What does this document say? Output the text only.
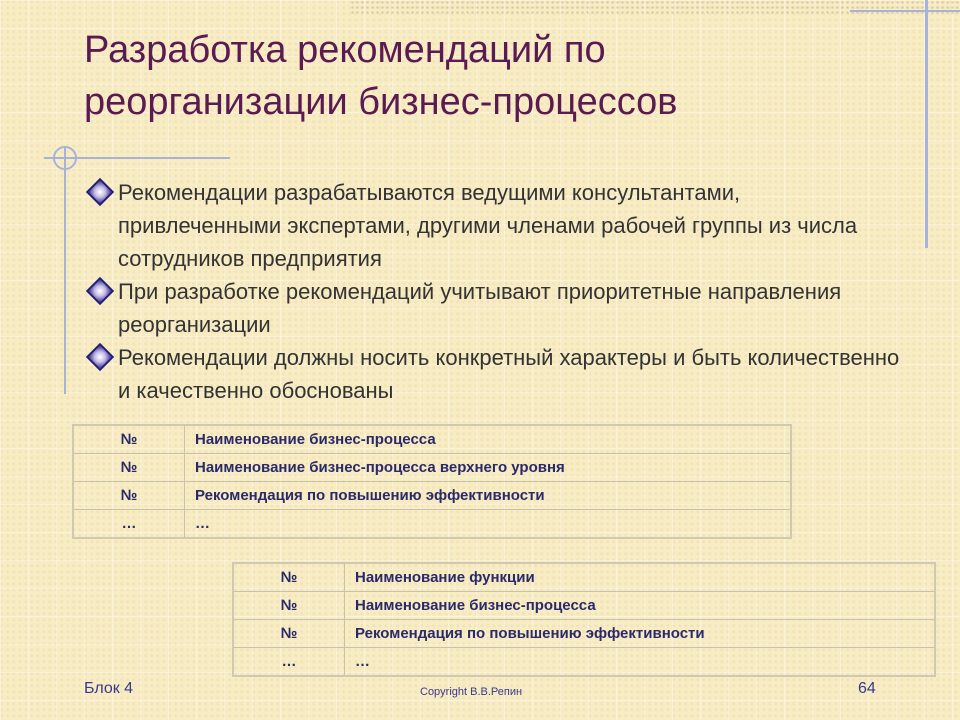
Разработка рекомендаций по
реорганизации бизнес-процессов
Рекомендации разрабатываются ведущими консультантами, привлеченными экспертами, другими членами рабочей группы из числа сотрудников предприятия
При разработке рекомендаций учитывают приоритетные направления реорганизации
Рекомендации должны носить конкретный характеры и быть количественно и качественно обоснованы
№	Наименование бизнес-процесса
№	Наименование бизнес-процесса верхнего уровня
№	Рекомендация по повышению эффективности
…	…
№	Наименование функции
№	Наименование бизнес-процесса
№	Рекомендация по повышению эффективности
…	…
Блок 4	Copyright В.В.Репин	64
